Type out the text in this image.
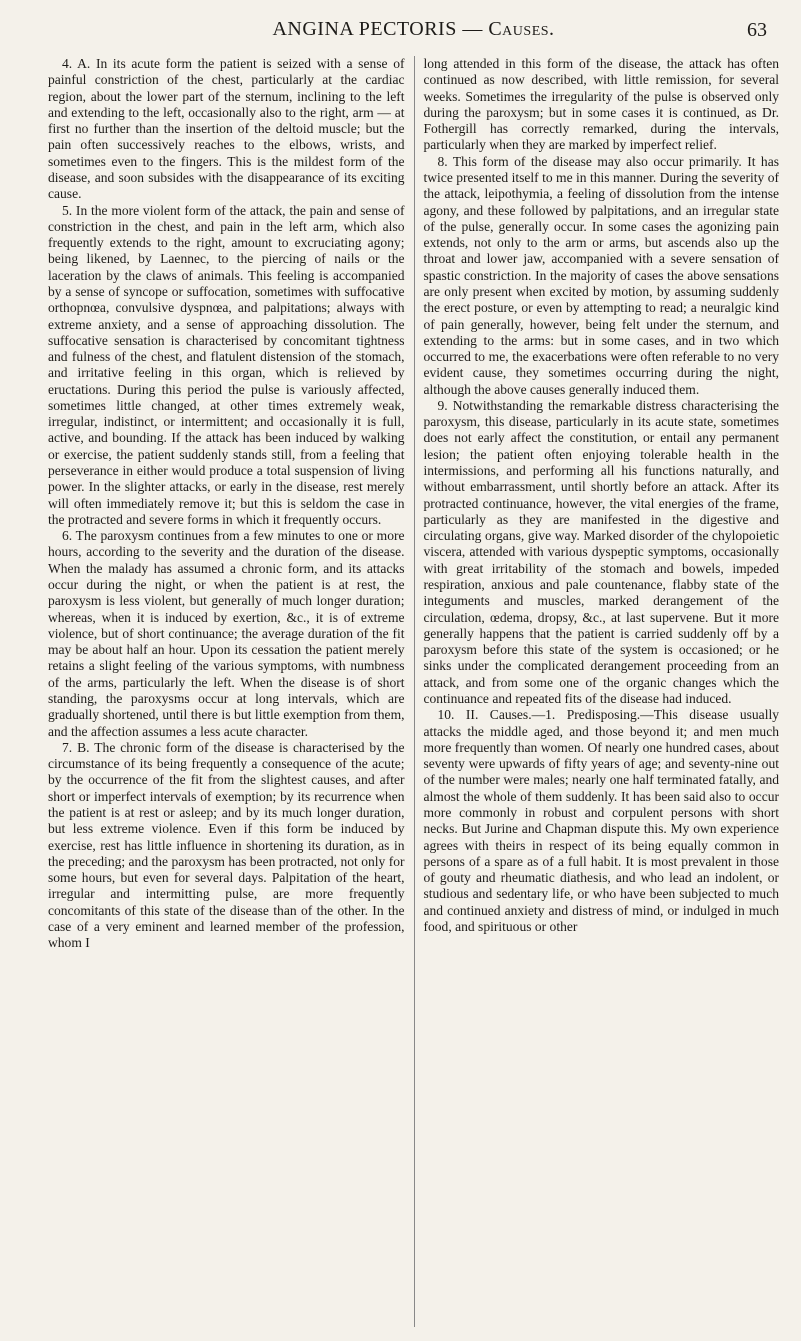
ANGINA PECTORIS — Causes.	63

4. A. In its acute form the patient is seized with a sense of painful constriction of the chest, particularly at the cardiac region, about the lower part of the sternum, inclining to the left and extending to the left, occasionally also to the right, arm — at first no further than the insertion of the deltoid muscle; but the pain often successively reaches to the elbows, wrists, and sometimes even to the fingers. This is the mildest form of the disease, and soon subsides with the disappearance of its exciting cause.

5. In the more violent form of the attack, the pain and sense of constriction in the chest, and pain in the left arm, which also frequently extends to the right, amount to excruciating agony; being likened, by Laennec, to the piercing of nails or the laceration by the claws of animals. This feeling is accompanied by a sense of syncope or suffocation, sometimes with suffocative orthopnœa, convulsive dyspnœa, and palpitations; always with extreme anxiety, and a sense of approaching dissolution. The suffocative sensation is characterised by concomitant tightness and fulness of the chest, and flatulent distension of the stomach, and irritative feeling in this organ, which is relieved by eructations. During this period the pulse is variously affected, sometimes little changed, at other times extremely weak, irregular, indistinct, or intermittent; and occasionally it is full, active, and bounding. If the attack has been induced by walking or exercise, the patient suddenly stands still, from a feeling that perseverance in either would produce a total suspension of living power. In the slighter attacks, or early in the disease, rest merely will often immediately remove it; but this is seldom the case in the protracted and severe forms in which it frequently occurs.

6. The paroxysm continues from a few minutes to one or more hours, according to the severity and the duration of the disease. When the malady has assumed a chronic form, and its attacks occur during the night, or when the patient is at rest, the paroxysm is less violent, but generally of much longer duration; whereas, when it is induced by exertion, &c., it is of extreme violence, but of short continuance; the average duration of the fit may be about half an hour. Upon its cessation the patient merely retains a slight feeling of the various symptoms, with numbness of the arms, particularly the left. When the disease is of short standing, the paroxysms occur at long intervals, which are gradually shortened, until there is but little exemption from them, and the affection assumes a less acute character.

7. B. The chronic form of the disease is characterised by the circumstance of its being frequently a consequence of the acute; by the occurrence of the fit from the slightest causes, and after short or imperfect intervals of exemption; by its recurrence when the patient is at rest or asleep; and by its much longer duration, but less extreme violence. Even if this form be induced by exercise, rest has little influence in shortening its duration, as in the preceding; and the paroxysm has been protracted, not only for some hours, but even for several days. Palpitation of the heart, irregular and intermitting pulse, are more frequently concomitants of this state of the disease than of the other. In the case of a very eminent and learned member of the profession, whom I

long attended in this form of the disease, the attack has often continued as now described, with little remission, for several weeks. Sometimes the irregularity of the pulse is observed only during the paroxysm; but in some cases it is continued, as Dr. Fothergill has correctly remarked, during the intervals, particularly when they are marked by imperfect relief.

8. This form of the disease may also occur primarily. It has twice presented itself to me in this manner. During the severity of the attack, leipothymia, a feeling of dissolution from the intense agony, and these followed by palpitations, and an irregular state of the pulse, generally occur. In some cases the agonizing pain extends, not only to the arm or arms, but ascends also up the throat and lower jaw, accompanied with a severe sensation of spastic constriction. In the majority of cases the above sensations are only present when excited by motion, by assuming suddenly the erect posture, or even by attempting to read; a neuralgic kind of pain generally, however, being felt under the sternum, and extending to the arms: but in some cases, and in two which occurred to me, the exacerbations were often referable to no very evident cause, they sometimes occurring during the night, although the above causes generally induced them.

9. Notwithstanding the remarkable distress characterising the paroxysm, this disease, particularly in its acute state, sometimes does not early affect the constitution, or entail any permanent lesion; the patient often enjoying tolerable health in the intermissions, and performing all his functions naturally, and without embarrassment, until shortly before an attack. After its protracted continuance, however, the vital energies of the frame, particularly as they are manifested in the digestive and circulating organs, give way. Marked disorder of the chylopoietic viscera, attended with various dyspeptic symptoms, occasionally with great irritability of the stomach and bowels, impeded respiration, anxious and pale countenance, flabby state of the integuments and muscles, marked derangement of the circulation, œdema, dropsy, &c., at last supervene. But it more generally happens that the patient is carried suddenly off by a paroxysm before this state of the system is occasioned; or he sinks under the complicated derangement proceeding from an attack, and from some one of the organic changes which the continuance and repeated fits of the disease had induced.

10. II. Causes.—1. Predisposing.—This disease usually attacks the middle aged, and those beyond it; and men much more frequently than women. Of nearly one hundred cases, about seventy were upwards of fifty years of age; and seventy-nine out of the number were males; nearly one half terminated fatally, and almost the whole of them suddenly. It has been said also to occur more commonly in robust and corpulent persons with short necks. But Jurine and Chapman dispute this. My own experience agrees with theirs in respect of its being equally common in persons of a spare as of a full habit. It is most prevalent in those of gouty and rheumatic diathesis, and who lead an indolent, or studious and sedentary life, or who have been subjected to much and continued anxiety and distress of mind, or indulged in much food, and spirituous or other
